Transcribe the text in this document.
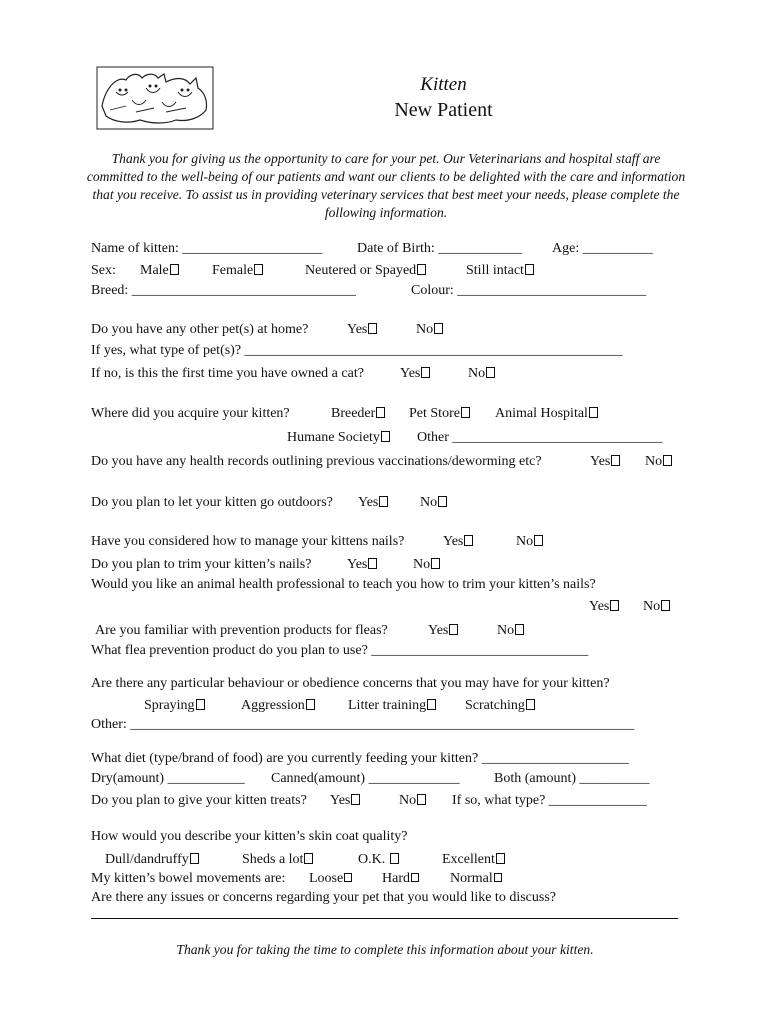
Kitten
New Patient
Thank you for giving us the opportunity to care for your pet. Our Veterinarians and hospital staff are committed to the well-being of our patients and want our clients to be delighted with the care and information that you receive. To assist us in providing veterinary services that best meet your needs, please complete the following information.
Name of kitten: ____________________ Date of Birth: ____________ Age: __________
Sex: Male	Female	Neutered or Spayed	Still intact
Breed: ________________________________	Colour: ___________________________
Do you have any other pet(s) at home?	Yes	No
If yes, what type of pet(s)? ______________________________________________________
If no, is this the first time you have owned a cat?	Yes	No
Where did you acquire your kitten?	Breeder	Pet Store	Animal Hospital
Humane Society	Other ______________________________
Do you have any health records outlining previous vaccinations/deworming etc?	Yes	No
Do you plan to let your kitten go outdoors? Yes	No
Have you considered how to manage your kittens nails?	Yes	No
Do you plan to trim your kitten’s nails?	Yes	No
Would you like an animal health professional to teach you how to trim your kitten’s nails?
Yes	No
Are you familiar with prevention products for fleas?	Yes	No
What flea prevention product do you plan to use? _______________________________
Are there any particular behaviour or obedience concerns that you may have for your kitten?
Spraying	Aggression	Litter training	Scratching
Other: ________________________________________________________________________
What diet (type/brand of food) are you currently feeding your kitten? _____________________
Dry(amount) ___________ Canned(amount) _____________ Both (amount) __________
Do you plan to give your kitten treats? Yes	No	If so, what type? ______________
How would you describe your kitten’s skin coat quality?
Dull/dandruffy	Sheds a lot	O.K.	Excellent
My kitten’s bowel movements are: Loose	Hard	Normal
Are there any issues or concerns regarding your pet that you would like to discuss?
Thank you for taking the time to complete this information about your kitten.
